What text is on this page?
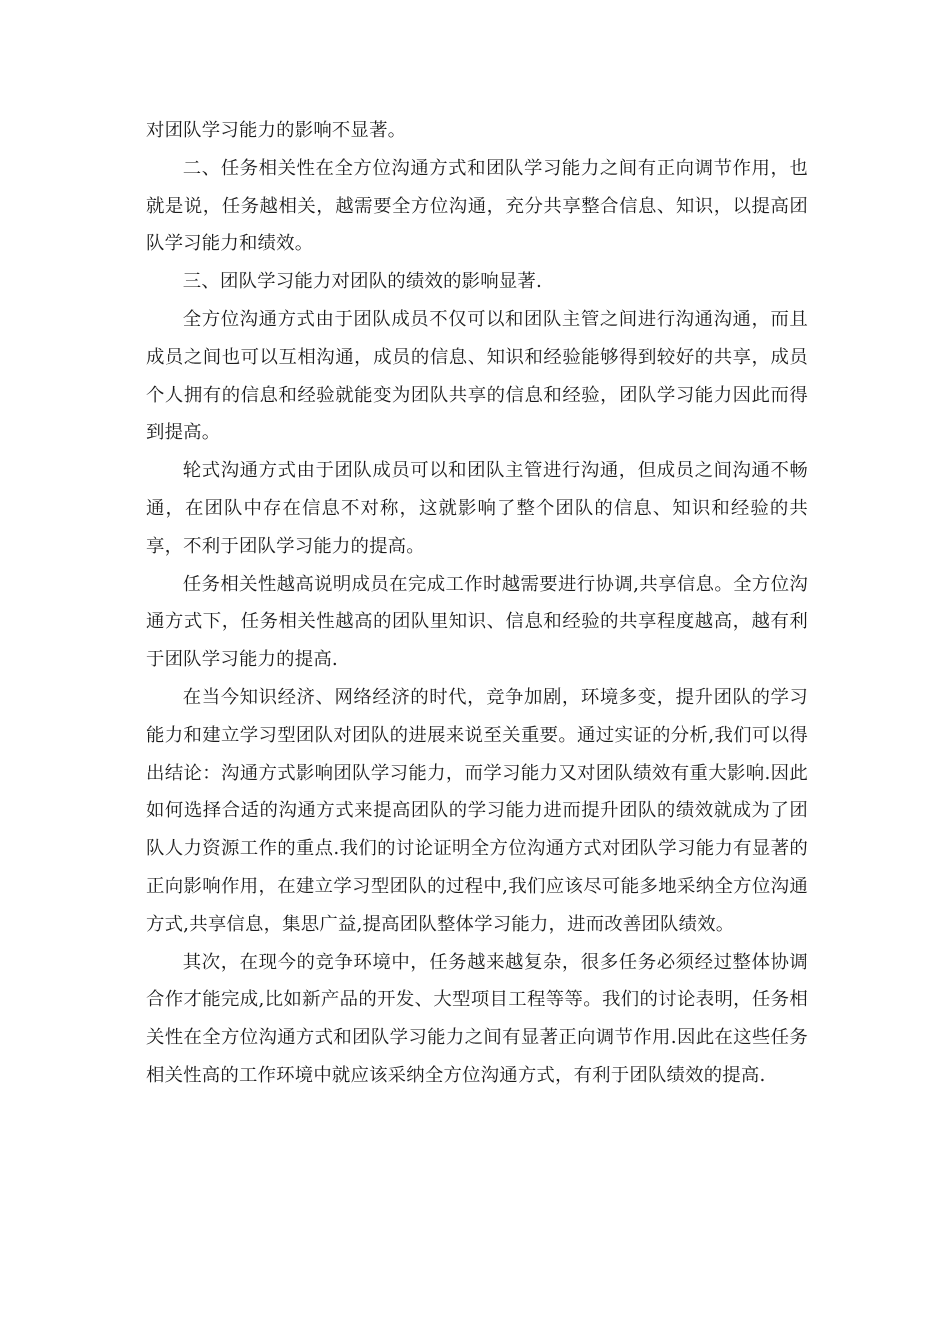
对团队学习能力的影响不显著。

二、任务相关性在全方位沟通方式和团队学习能力之间有正向调节作用，也就是说，任务越相关，越需要全方位沟通，充分共享整合信息、知识，以提高团队学习能力和绩效。

三、团队学习能力对团队的绩效的影响显著.

全方位沟通方式由于团队成员不仅可以和团队主管之间进行沟通沟通，而且成员之间也可以互相沟通，成员的信息、知识和经验能够得到较好的共享，成员个人拥有的信息和经验就能变为团队共享的信息和经验，团队学习能力因此而得到提高。

轮式沟通方式由于团队成员可以和团队主管进行沟通，但成员之间沟通不畅通，在团队中存在信息不对称，这就影响了整个团队的信息、知识和经验的共享，不利于团队学习能力的提高。

任务相关性越高说明成员在完成工作时越需要进行协调,共享信息。全方位沟通方式下，任务相关性越高的团队里知识、信息和经验的共享程度越高，越有利于团队学习能力的提高.

在当今知识经济、网络经济的时代，竞争加剧，环境多变，提升团队的学习能力和建立学习型团队对团队的进展来说至关重要。通过实证的分析,我们可以得出结论：沟通方式影响团队学习能力，而学习能力又对团队绩效有重大影响.因此如何选择合适的沟通方式来提高团队的学习能力进而提升团队的绩效就成为了团队人力资源工作的重点.我们的讨论证明全方位沟通方式对团队学习能力有显著的正向影响作用，在建立学习型团队的过程中,我们应该尽可能多地采纳全方位沟通方式,共享信息，集思广益,提高团队整体学习能力，进而改善团队绩效。

其次，在现今的竞争环境中，任务越来越复杂，很多任务必须经过整体协调合作才能完成,比如新产品的开发、大型项目工程等等。我们的讨论表明，任务相关性在全方位沟通方式和团队学习能力之间有显著正向调节作用.因此在这些任务相关性高的工作环境中就应该采纳全方位沟通方式，有利于团队绩效的提高.
